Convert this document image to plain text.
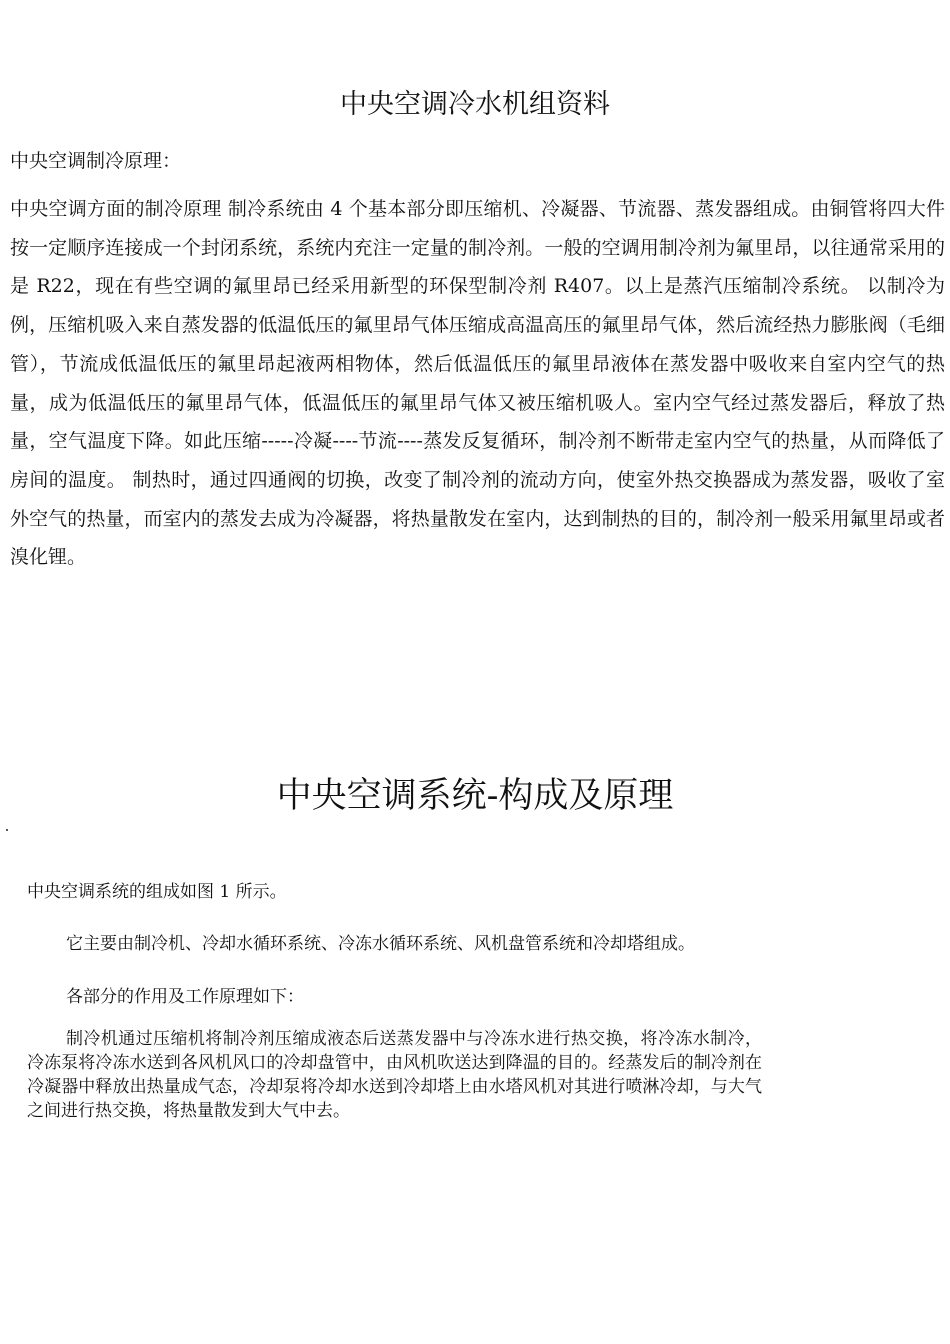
中央空调冷水机组资料
中央空调制冷原理：
中央空调方面的制冷原理 制冷系统由 4 个基本部分即压缩机、冷凝器、节流器、蒸发器组成。由铜管将四大件按一定顺序连接成一个封闭系统，系统内充注一定量的制冷剂。一般的空调用制冷剂为氟里昂，以往通常采用的是 R22，现在有些空调的氟里昂已经采用新型的环保型制冷剂 R407。以上是蒸汽压缩制冷系统。 以制冷为例，压缩机吸入来自蒸发器的低温低压的氟里昂气体压缩成高温高压的氟里昂气体，然后流经热力膨胀阀（毛细管），节流成低温低压的氟里昂起液两相物体，然后低温低压的氟里昂液体在蒸发器中吸收来自室内空气的热量，成为低温低压的氟里昂气体，低温低压的氟里昂气体又被压缩机吸人。室内空气经过蒸发器后，释放了热量，空气温度下降。如此压缩-----冷凝----节流----蒸发反复循环，制冷剂不断带走室内空气的热量，从而降低了房间的温度。 制热时，通过四通阀的切换，改变了制冷剂的流动方向，使室外热交换器成为蒸发器，吸收了室外空气的热量，而室内的蒸发去成为冷凝器，将热量散发在室内，达到制热的目的，制冷剂一般采用氟里昂或者溴化锂。
中央空调系统-构成及原理
中央空调系统的组成如图 1 所示。
它主要由制冷机、冷却水循环系统、冷冻水循环系统、风机盘管系统和冷却塔组成。
各部分的作用及工作原理如下：
制冷机通过压缩机将制冷剂压缩成液态后送蒸发器中与冷冻水进行热交换，将冷冻水制冷，冷冻泵将冷冻水送到各风机风口的冷却盘管中，由风机吹送达到降温的目的。经蒸发后的制冷剂在冷凝器中释放出热量成气态，冷却泵将冷却水送到冷却塔上由水塔风机对其进行喷淋冷却，与大气之间进行热交换，将热量散发到大气中去。
